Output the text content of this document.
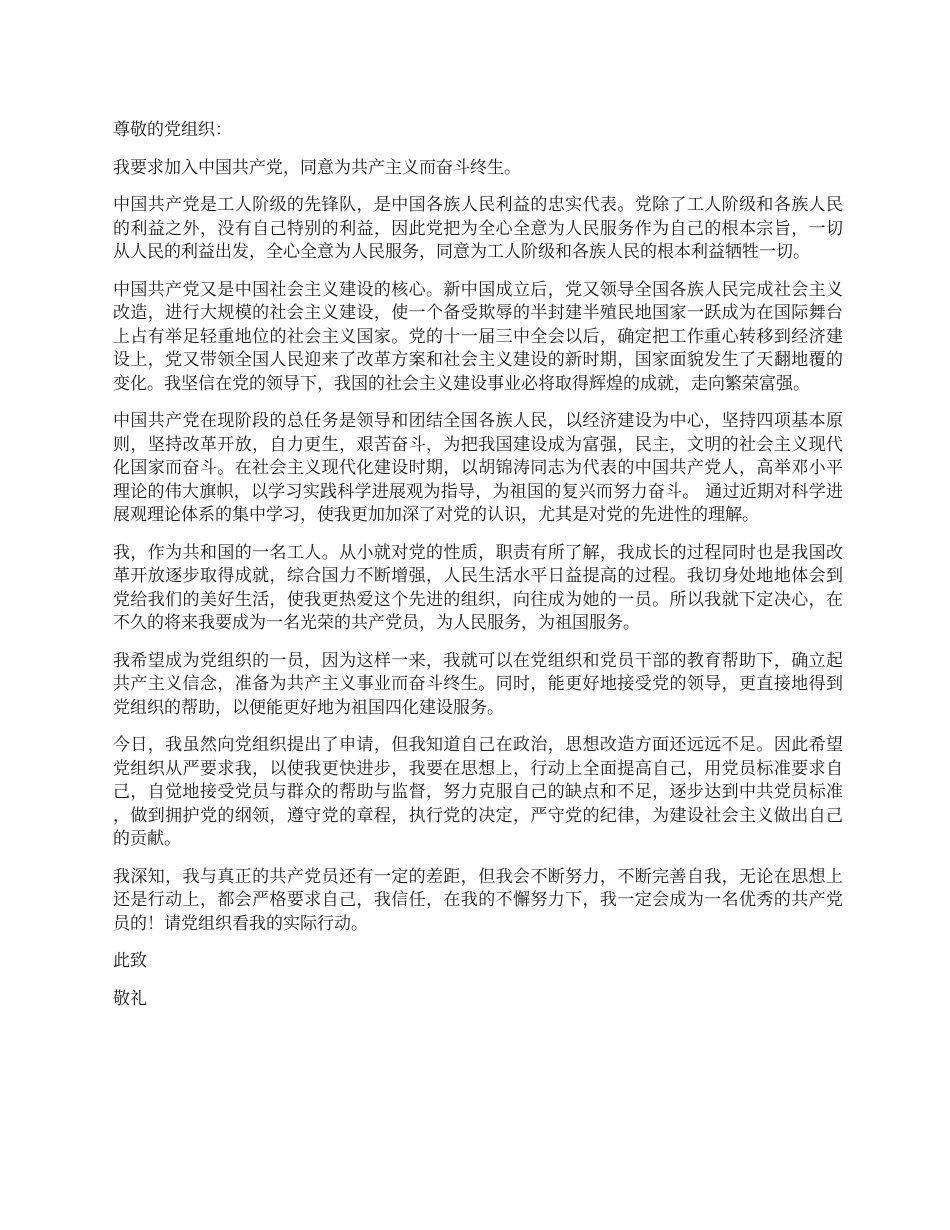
尊敬的党组织：

我要求加入中国共产党，同意为共产主义而奋斗终生。

中国共产党是工人阶级的先锋队，是中国各族人民利益的忠实代表。党除了工人阶级和各族人民的利益之外，没有自己特别的利益，因此党把为全心全意为人民服务作为自己的根本宗旨，一切从人民的利益出发，全心全意为人民服务，同意为工人阶级和各族人民的根本利益牺牲一切。

中国共产党又是中国社会主义建设的核心。新中国成立后，党又领导全国各族人民完成社会主义改造，进行大规模的社会主义建设，使一个备受欺辱的半封建半殖民地国家一跃成为在国际舞台上占有举足轻重地位的社会主义国家。党的十一届三中全会以后，确定把工作重心转移到经济建设上，党又带领全国人民迎来了改革方案和社会主义建设的新时期，国家面貌发生了天翻地覆的变化。我坚信在党的领导下，我国的社会主义建设事业必将取得辉煌的成就，走向繁荣富强。

中国共产党在现阶段的总任务是领导和团结全国各族人民，以经济建设为中心，坚持四项基本原则，坚持改革开放，自力更生，艰苦奋斗，为把我国建设成为富强，民主，文明的社会主义现代化国家而奋斗。在社会主义现代化建设时期，以胡锦涛同志为代表的中国共产党人，高举邓小平理论的伟大旗帜，以学习实践科学进展观为指导，为祖国的复兴而努力奋斗。 通过近期对科学进展观理论体系的集中学习，使我更加加深了对党的认识，尤其是对党的先进性的理解。

我，作为共和国的一名工人。从小就对党的性质，职责有所了解，我成长的过程同时也是我国改革开放逐步取得成就，综合国力不断增强，人民生活水平日益提高的过程。我切身处地地体会到党给我们的美好生活，使我更热爱这个先进的组织，向往成为她的一员。所以我就下定决心，在不久的将来我要成为一名光荣的共产党员，为人民服务，为祖国服务。

我希望成为党组织的一员，因为这样一来，我就可以在党组织和党员干部的教育帮助下，确立起共产主义信念，准备为共产主义事业而奋斗终生。同时，能更好地接受党的领导，更直接地得到党组织的帮助，以便能更好地为祖国四化建设服务。

今日，我虽然向党组织提出了申请，但我知道自己在政治，思想改造方面还远远不足。因此希望党组织从严要求我，以使我更快进步，我要在思想上，行动上全面提高自己，用党员标准要求自己，自觉地接受党员与群众的帮助与监督，努力克服自己的缺点和不足，逐步达到中共党员标准，做到拥护党的纲领，遵守党的章程，执行党的决定，严守党的纪律，为建设社会主义做出自己的贡献。

我深知，我与真正的共产党员还有一定的差距，但我会不断努力，不断完善自我，无论在思想上还是行动上，都会严格要求自己，我信任，在我的不懈努力下，我一定会成为一名优秀的共产党员的！请党组织看我的实际行动。

此致
敬礼
